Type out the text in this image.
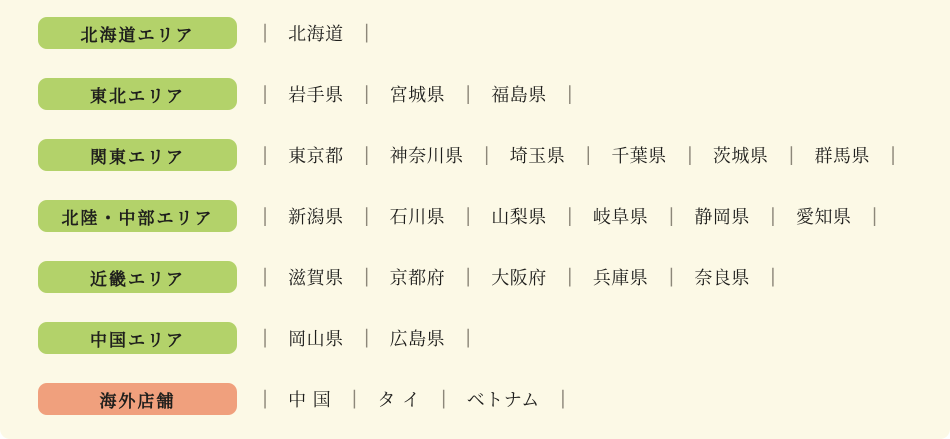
北海道エリア	| 北海道 |
東北エリア	| 岩手県 | 宮城県 | 福島県 |
関東エリア	| 東京都 | 神奈川県 | 埼玉県 | 千葉県 | 茨城県 | 群馬県 |
北陸・中部エリア	| 新潟県 | 石川県 | 山梨県 | 岐阜県 | 静岡県 | 愛知県 |
近畿エリア	| 滋賀県 | 京都府 | 大阪府 | 兵庫県 | 奈良県 |
中国エリア	| 岡山県 | 広島県 |
海外店舗	| 中 国 | タ イ | ベトナム |
